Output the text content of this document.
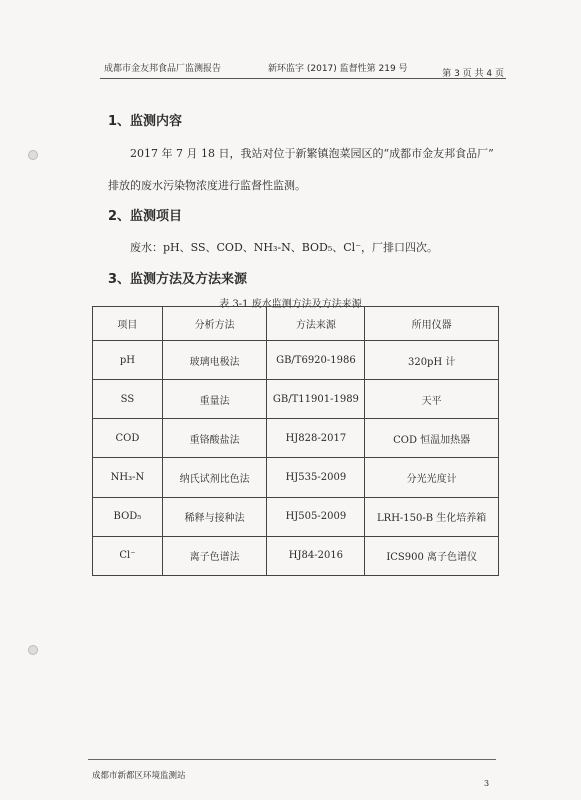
成都市金友邦食品厂监测报告	新环监字 (2017) 监督性第 219 号	第 3 页 共 4 页
1、监测内容
2017 年 7 月 18 日，我站对位于新繁镇泡菜园区的“成都市金友邦食品厂”
排放的废水污染物浓度进行监督性监测。
2、监测项目
废水：pH、SS、COD、NH₃-N、BOD₅、Cl⁻，厂排口四次。
3、监测方法及方法来源
表 3-1 废水监测方法及方法来源
项目	分析方法	方法来源	所用仪器
pH	玻璃电极法	GB/T6920-1986	320pH 计
SS	重量法	GB/T11901-1989	天平
COD	重铬酸盐法	HJ828-2017	COD 恒温加热器
NH₃-N	纳氏试剂比色法	HJ535-2009	分光光度计
BOD₅	稀释与接种法	HJ505-2009	LRH-150-B 生化培养箱
Cl⁻	离子色谱法	HJ84-2016	ICS900 离子色谱仪
成都市新都区环境监测站
3
